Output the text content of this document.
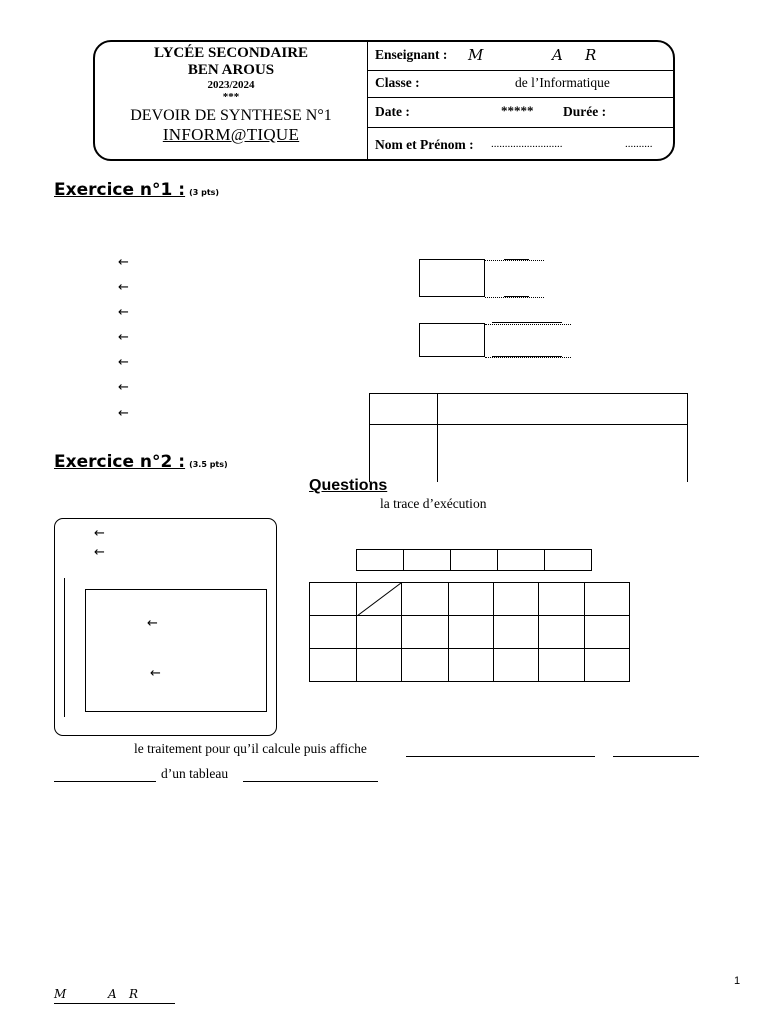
LYCÉE SECONDAIRE
BEN AROUS
2023/2024
***
DEVOIR DE SYNTHESE N°1
INFORM@TIQUE
Enseignant : M	A R
Classe :	de l’Informatique
Date :	***** Durée :
Nom et Prénom : ..........................	..........
Exercice n°1 : (3 pts)
←
←
←
←
←
←
←
Exercice n°2 : (3.5 pts)
Questions
la trace d’exécution
←
←
←
←

le traitement pour qu’il calcule puis affiche
d’un tableau
1
M	A R
